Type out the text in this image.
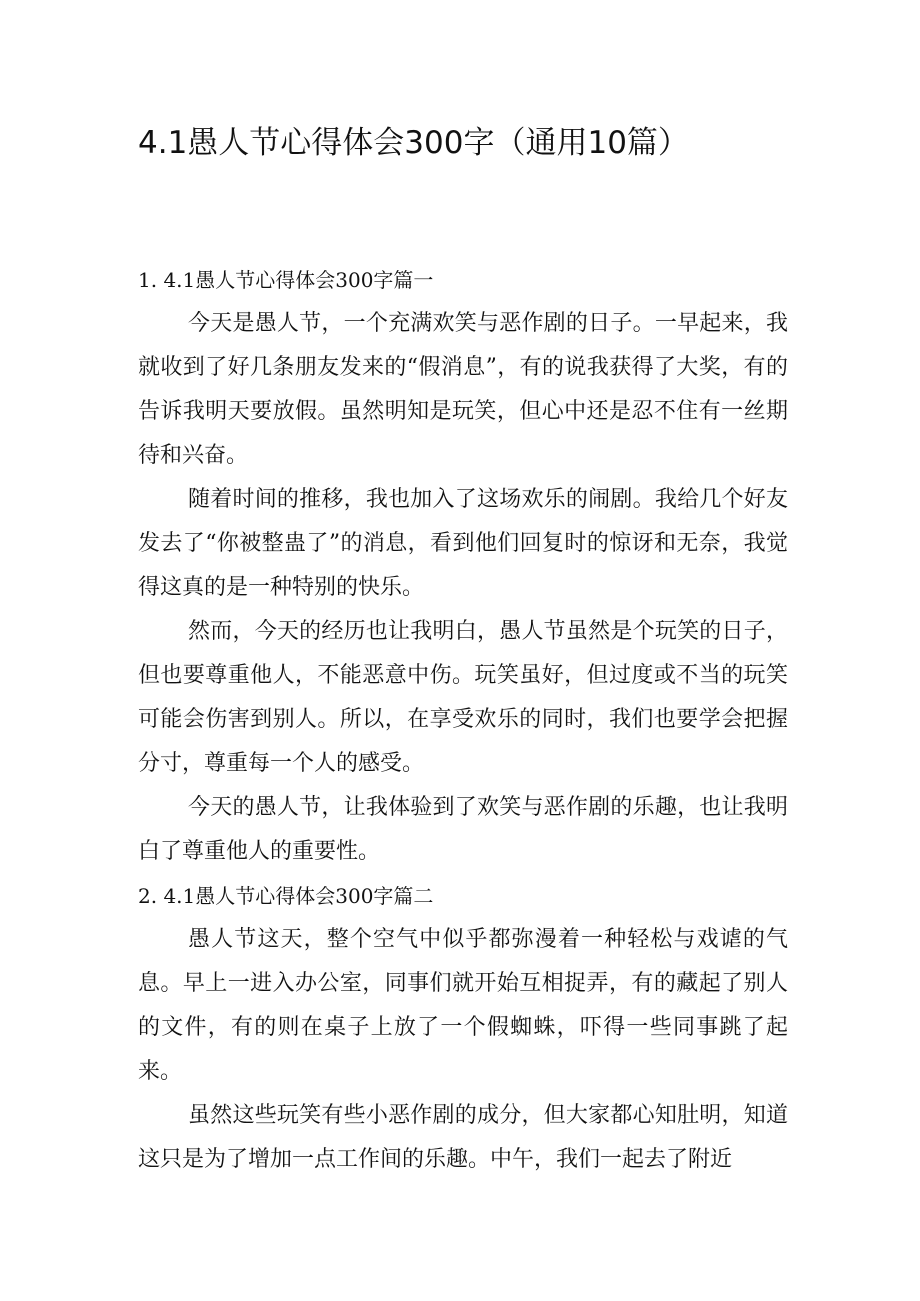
4.1愚人节心得体会300字（通用10篇）

1. 4.1愚人节心得体会300字篇一

今天是愚人节，一个充满欢笑与恶作剧的日子。一早起来，我就收到了好几条朋友发来的“假消息”，有的说我获得了大奖，有的告诉我明天要放假。虽然明知是玩笑，但心中还是忍不住有一丝期待和兴奋。

随着时间的推移，我也加入了这场欢乐的闹剧。我给几个好友发去了“你被整蛊了”的消息，看到他们回复时的惊讶和无奈，我觉得这真的是一种特别的快乐。

然而，今天的经历也让我明白，愚人节虽然是个玩笑的日子，但也要尊重他人，不能恶意中伤。玩笑虽好，但过度或不当的玩笑可能会伤害到别人。所以，在享受欢乐的同时，我们也要学会把握分寸，尊重每一个人的感受。

今天的愚人节，让我体验到了欢笑与恶作剧的乐趣，也让我明白了尊重他人的重要性。

2. 4.1愚人节心得体会300字篇二

愚人节这天，整个空气中似乎都弥漫着一种轻松与戏谑的气息。早上一进入办公室，同事们就开始互相捉弄，有的藏起了别人的文件，有的则在桌子上放了一个假蜘蛛，吓得一些同事跳了起来。

虽然这些玩笑有些小恶作剧的成分，但大家都心知肚明，知道这只是为了增加一点工作间的乐趣。中午，我们一起去了附近
